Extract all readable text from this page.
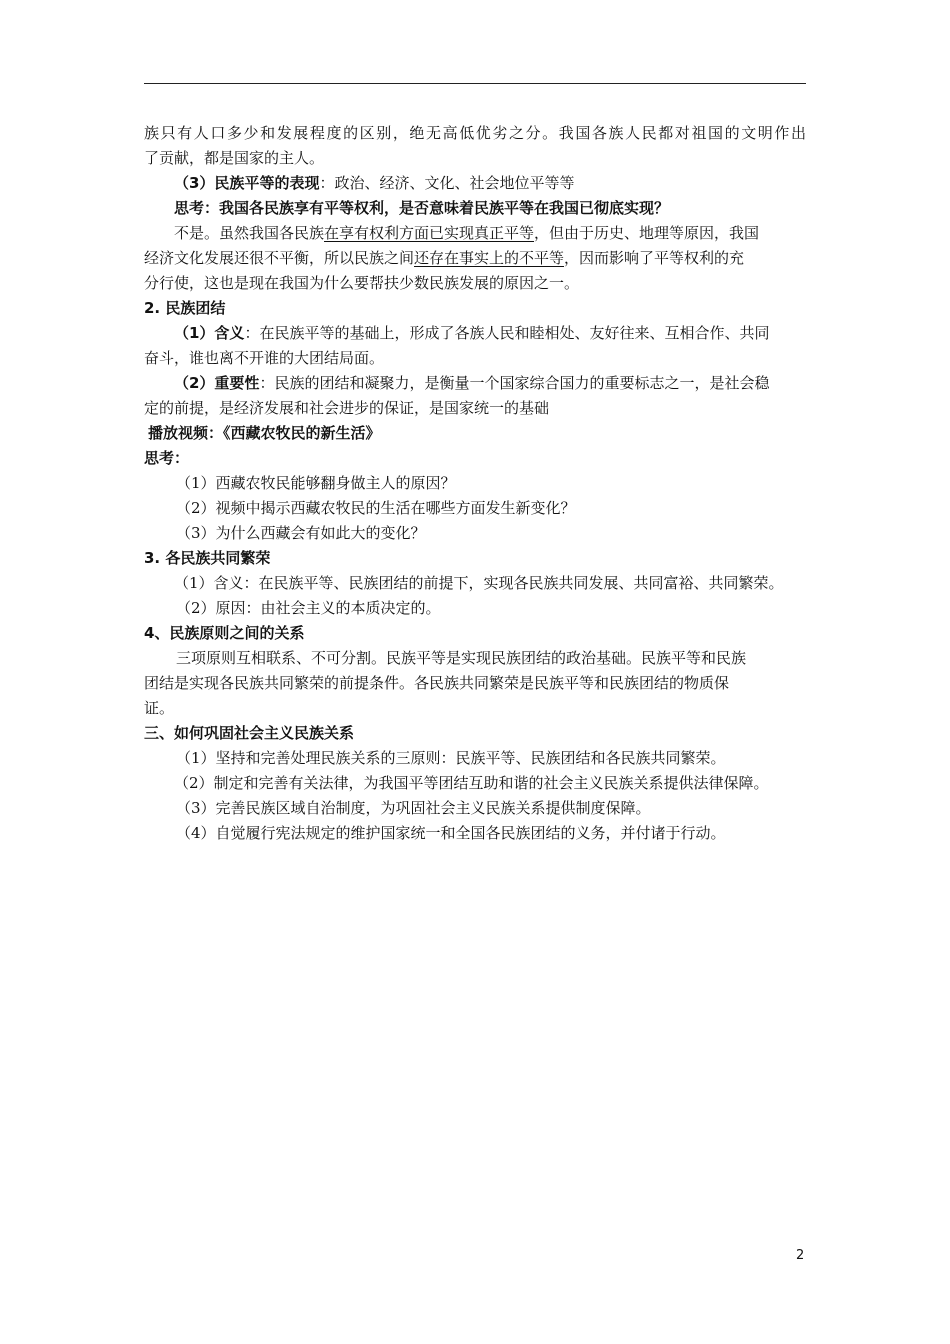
族只有人口多少和发展程度的区别，绝无高低优劣之分。我国各族人民都对祖国的文明作出
了贡献，都是国家的主人。
（3）民族平等的表现：政治、经济、文化、社会地位平等等
思考：我国各民族享有平等权利，是否意味着民族平等在我国已彻底实现？
不是。虽然我国各民族在享有权利方面已实现真正平等，但由于历史、地理等原因，我国
经济文化发展还很不平衡，所以民族之间还存在事实上的不平等，因而影响了平等权利的充
分行使，这也是现在我国为什么要帮扶少数民族发展的原因之一。
2. 民族团结
（1）含义：在民族平等的基础上，形成了各族人民和睦相处、友好往来、互相合作、共同
奋斗，谁也离不开谁的大团结局面。
（2）重要性：民族的团结和凝聚力，是衡量一个国家综合国力的重要标志之一，是社会稳
定的前提，是经济发展和社会进步的保证，是国家统一的基础
播放视频：《西藏农牧民的新生活》
思考：
（1）西藏农牧民能够翻身做主人的原因？
（2）视频中揭示西藏农牧民的生活在哪些方面发生新变化？
（3）为什么西藏会有如此大的变化？
3. 各民族共同繁荣
（1）含义：在民族平等、民族团结的前提下，实现各民族共同发展、共同富裕、共同繁荣。
（2）原因：由社会主义的本质决定的。
4、民族原则之间的关系
三项原则互相联系、不可分割。民族平等是实现民族团结的政治基础。民族平等和民族
团结是实现各民族共同繁荣的前提条件。各民族共同繁荣是民族平等和民族团结的物质保
证。
三、如何巩固社会主义民族关系
（1）坚持和完善处理民族关系的三原则：民族平等、民族团结和各民族共同繁荣。
（2）制定和完善有关法律，为我国平等团结互助和谐的社会主义民族关系提供法律保障。
（3）完善民族区域自治制度，为巩固社会主义民族关系提供制度保障。
（4）自觉履行宪法规定的维护国家统一和全国各民族团结的义务，并付诸于行动。
2
